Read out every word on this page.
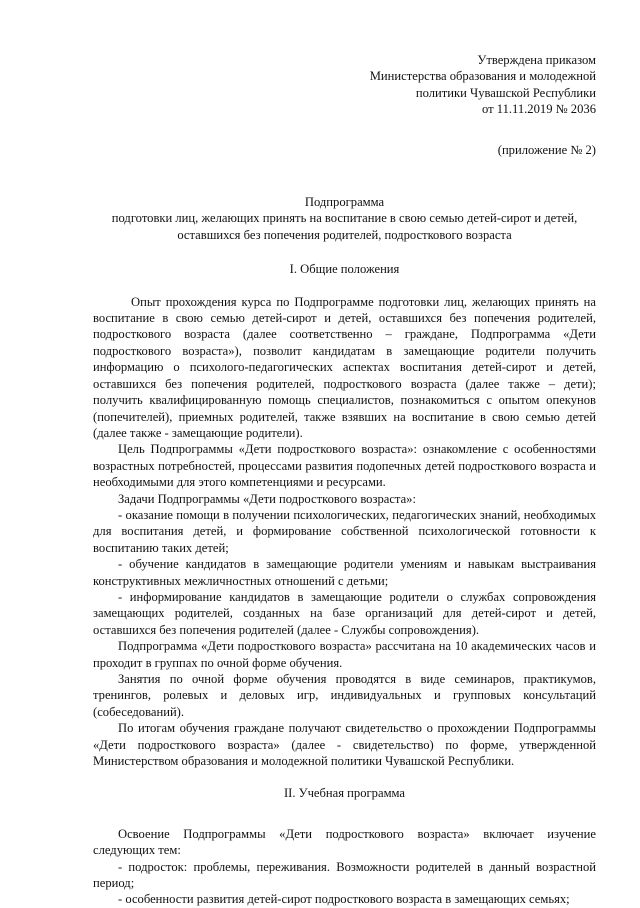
Утверждена приказом
Министерства образования и молодежной
политики Чувашской Республики
от 11.11.2019 № 2036
(приложение № 2)
Подпрограмма
подготовки лиц, желающих принять на воспитание в свою семью детей-сирот и детей,
оставшихся без попечения родителей, подросткового возраста
I. Общие положения

Опыт прохождения курса по Подпрограмме подготовки лиц, желающих принять на воспитание в свою семью детей-сирот и детей, оставшихся без попечения родителей, подросткового возраста (далее соответственно – граждане, Подпрограмма «Дети подросткового возраста»), позволит кандидатам в замещающие родители получить информацию о психолого-педагогических аспектах воспитания детей-сирот и детей, оставшихся без попечения родителей, подросткового возраста (далее также – дети); получить квалифицированную помощь специалистов, познакомиться с опытом опекунов (попечителей), приемных родителей, также взявших на воспитание в свою семью детей (далее также - замещающие родители).

Цель Подпрограммы «Дети подросткового возраста»: ознакомление с особенностями возрастных потребностей, процессами развития подопечных детей подросткового возраста и необходимыми для этого компетенциями и ресурсами.

Задачи Подпрограммы «Дети подросткового возраста»:

- оказание помощи в получении психологических, педагогических знаний, необходимых для воспитания детей, и формирование собственной психологической готовности к воспитанию таких детей;

- обучение кандидатов в замещающие родители умениям и навыкам выстраивания конструктивных межличностных отношений с детьми;

- информирование кандидатов в замещающие родители о службах сопровождения замещающих родителей, созданных на базе организаций для детей-сирот и детей, оставшихся без попечения родителей (далее - Службы сопровождения).

Подпрограмма «Дети подросткового возраста» рассчитана на 10 академических часов и проходит в группах по очной форме обучения.

Занятия по очной форме обучения проводятся в виде семинаров, практикумов, тренингов, ролевых и деловых игр, индивидуальных и групповых консультаций (собеседований).

По итогам обучения граждане получают свидетельство о прохождении Подпрограммы «Дети подросткового возраста» (далее - свидетельство) по форме, утвержденной Министерством образования и молодежной политики Чувашской Республики.

II. Учебная программа

Освоение Подпрограммы «Дети подросткового возраста» включает изучение следующих тем:

- подросток: проблемы, переживания. Возможности родителей в данный возрастной период;

- особенности развития детей-сирот подросткового возраста в замещающих семьях;
